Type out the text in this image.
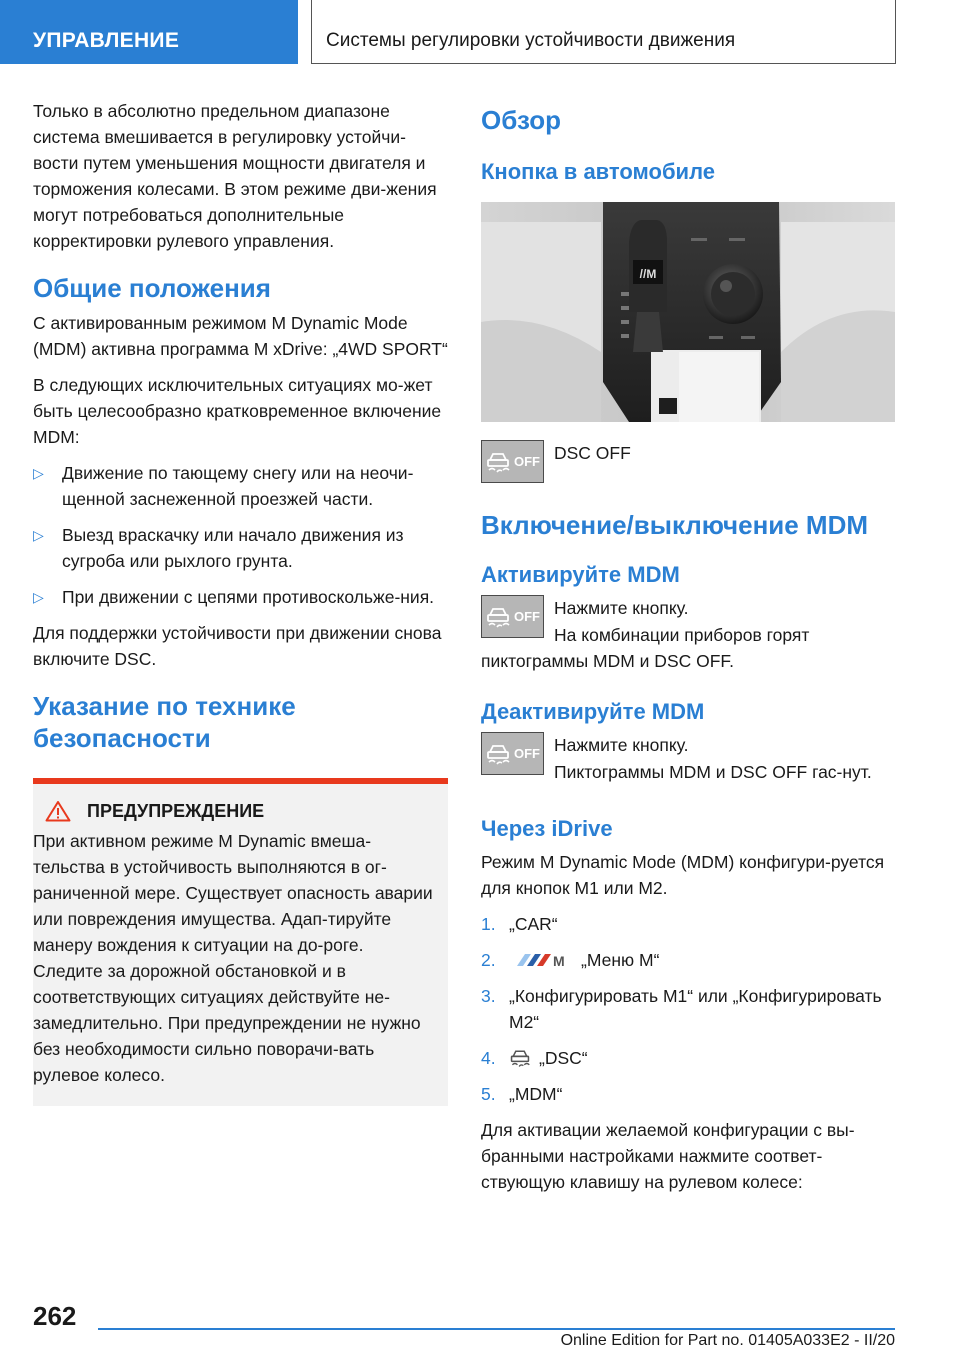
УПРАВЛЕНИЕ	Системы регулировки устойчивости движения

Только в абсолютно предельном диапазоне система вмешивается в регулировку устойчи-вости путем уменьшения мощности двигателя и торможения колесами. В этом режиме дви-жения могут потребоваться дополнительные корректировки рулевого управления.

Общие положения

С активированным режимом M Dynamic Mode (MDM) активна программа M xDrive: „4WD SPORT“

В следующих исключительных ситуациях мо-жет быть целесообразно кратковременное включение MDM:

▷ Движение по тающему снегу или на неочи-щенной заснеженной проезжей части.
▷ Выезд враскачку или начало движения из сугроба или рыхлого грунта.
▷ При движении с цепями противоскольже-ния.

Для поддержки устойчивости при движении снова включите DSC.

Указание по технике безопасности
ПРЕДУПРЕЖДЕНИЕ

При активном режиме M Dynamic вмеша-тельства в устойчивость выполняются в ог-раниченной мере. Существует опасность аварии или повреждения имущества. Адап-тируйте манеру вождения к ситуации на до-роге. Следите за дорожной обстановкой и в соответствующих ситуациях действуйте не-замедлительно. При предупреждении не нужно без необходимости сильно поворачи-вать рулевое колесо.

Обзор
Кнопка в автомобиле
//M
OFF DSC OFF

Включение/выключение MDM
Активируйте MDM
OFF Нажмите кнопку.

На комбинации приборов горят пиктограммы MDM и DSC OFF.

Деактивируйте MDM
OFF Нажмите кнопку.

Пиктограммы MDM и DSC OFF гас-нут.

Через iDrive

Режим M Dynamic Mode (MDM) конфигури-руется для кнопок M1 или M2.

1. „CAR“
2.	M „Меню M“
3. „Конфигурировать M1“ или „Конфигурировать M2“
4.	„DSC“
5. „MDM“

Для активации желаемой конфигурации с вы-бранными настройками нажмите соответ-ствующую клавишу на рулевом колесе:

262
Online Edition for Part no. 01405A033E2 - II/20
